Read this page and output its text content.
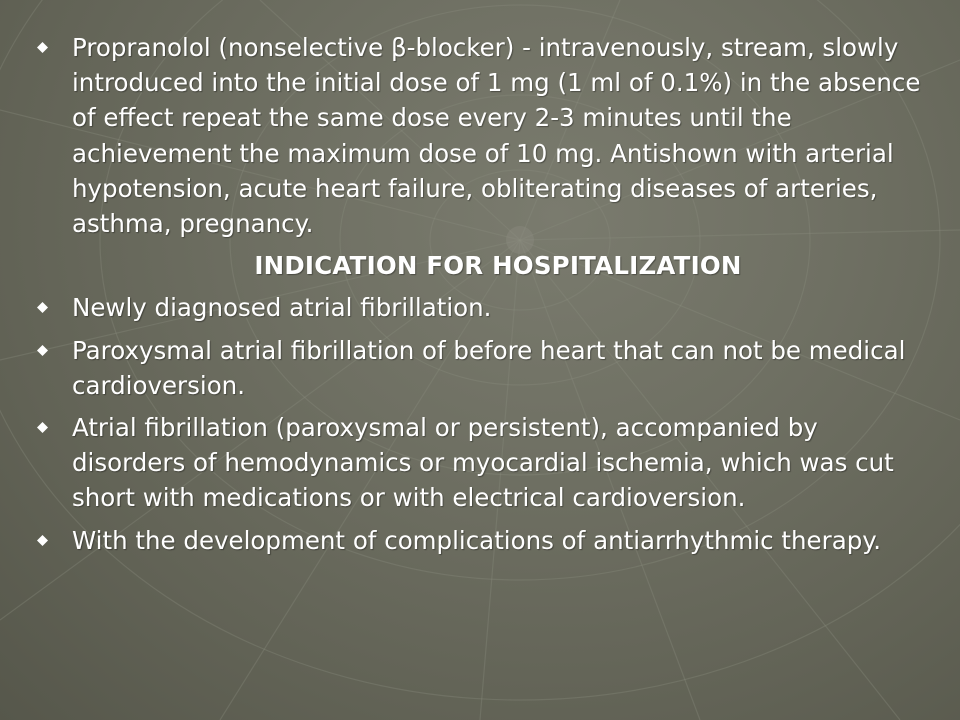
Propranolol (nonselective β-blocker) - intravenously, stream, slowly introduced into the initial dose of 1 mg (1 ml of 0.1%) in the absence of effect repeat the same dose every 2-3 minutes until the achievement the maximum dose of 10 mg. Antishown with arterial hypotension, acute heart failure, obliterating diseases of arteries, asthma, pregnancy.
INDICATION FOR HOSPITALIZATION
Newly diagnosed atrial fibrillation.
Paroxysmal atrial fibrillation of before heart that can not be medical cardioversion.
Atrial fibrillation (paroxysmal or persistent), accompanied by disorders of hemodynamics or myocardial ischemia, which was cut short with medications or with electrical cardioversion.
With the development of complications of antiarrhythmic therapy.
